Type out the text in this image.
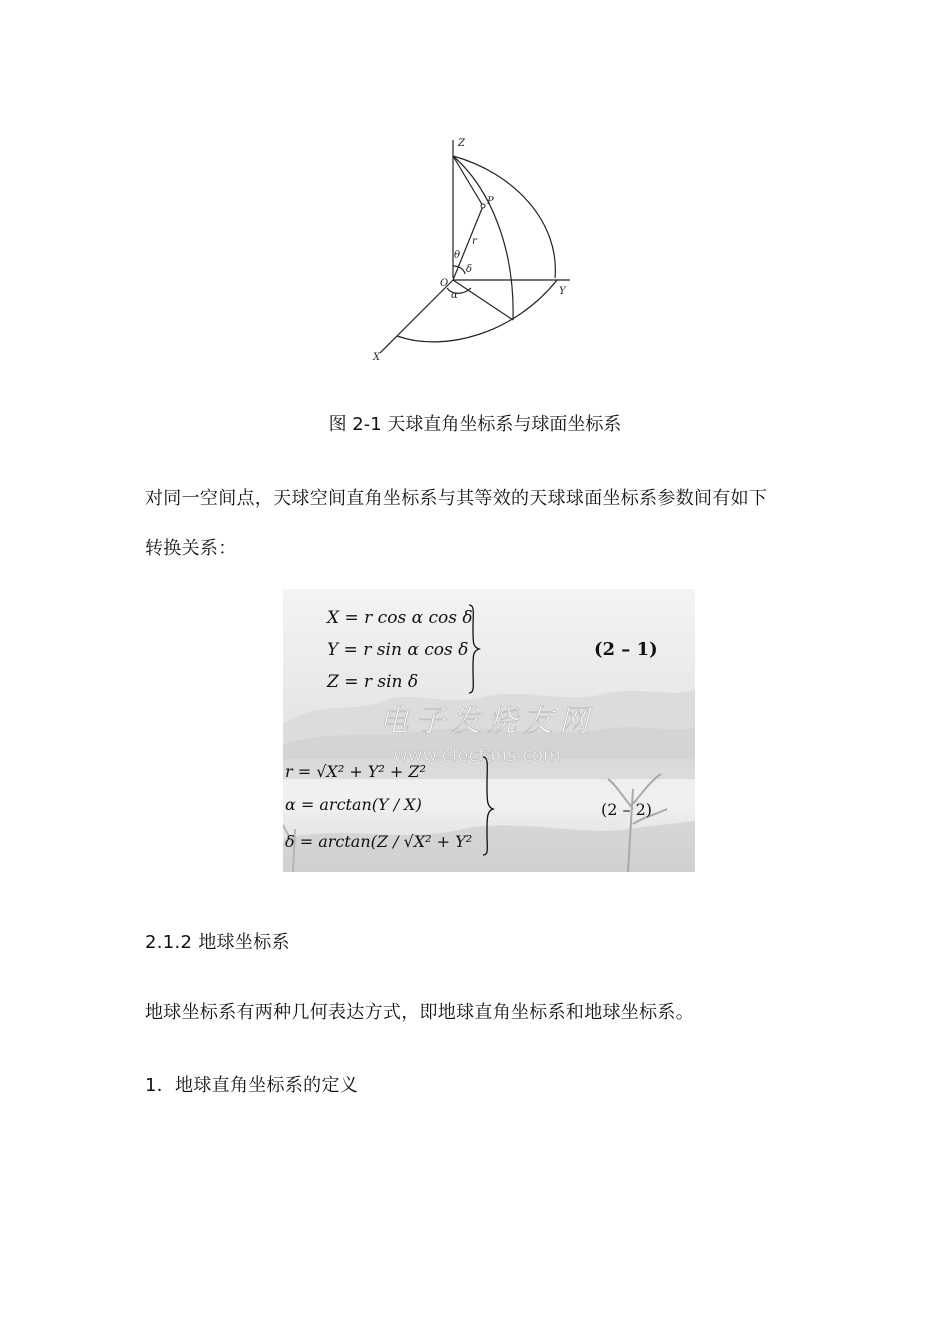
Z
Y
X
O
P
r
θ
δ
α
图 2-1 天球直角坐标系与球面坐标系
对同一空间点，天球空间直角坐标系与其等效的天球球面坐标系参数间有如下
转换关系：
电子发烧友网
www.elecfans.com
X = r cos α cos δ
Y = r sin α cos δ
Z = r sin δ
r = √X² + Y² + Z²
α = arctan(Y / X)
δ = arctan(Z / √X² + Y²
(2 – 1)
(2 – 2)
2.1.2 地球坐标系
地球坐标系有两种几何表达方式，即地球直角坐标系和地球坐标系。
1．地球直角坐标系的定义
